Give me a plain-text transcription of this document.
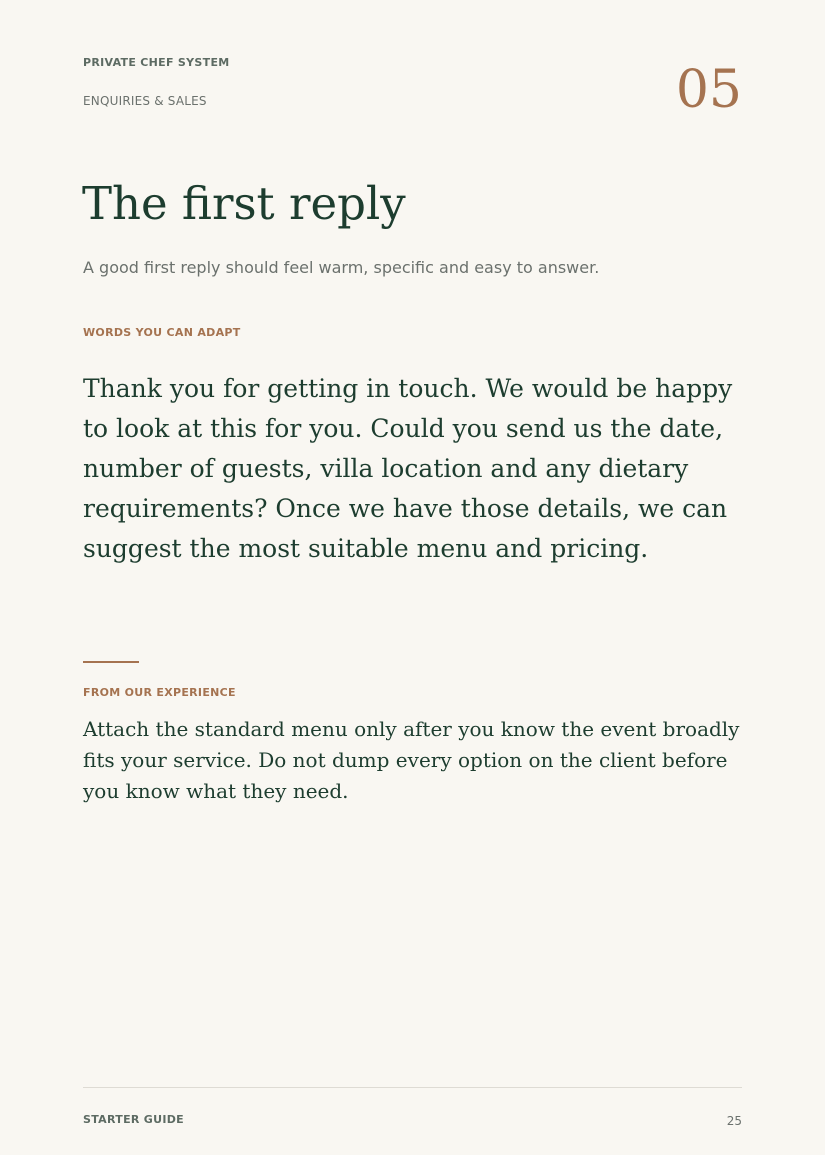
PRIVATE CHEF SYSTEM
ENQUIRIES & SALES	05
The first reply
A good first reply should feel warm, specific and easy to answer.
WORDS YOU CAN ADAPT

Thank you for getting in touch. We would be happy to look at this for you. Could you send us the date, number of guests, villa location and any dietary requirements? Once we have those details, we can suggest the most suitable menu and pricing.

FROM OUR EXPERIENCE

Attach the standard menu only after you know the event broadly fits your service. Do not dump every option on the client before you know what they need.

STARTER GUIDE	25
